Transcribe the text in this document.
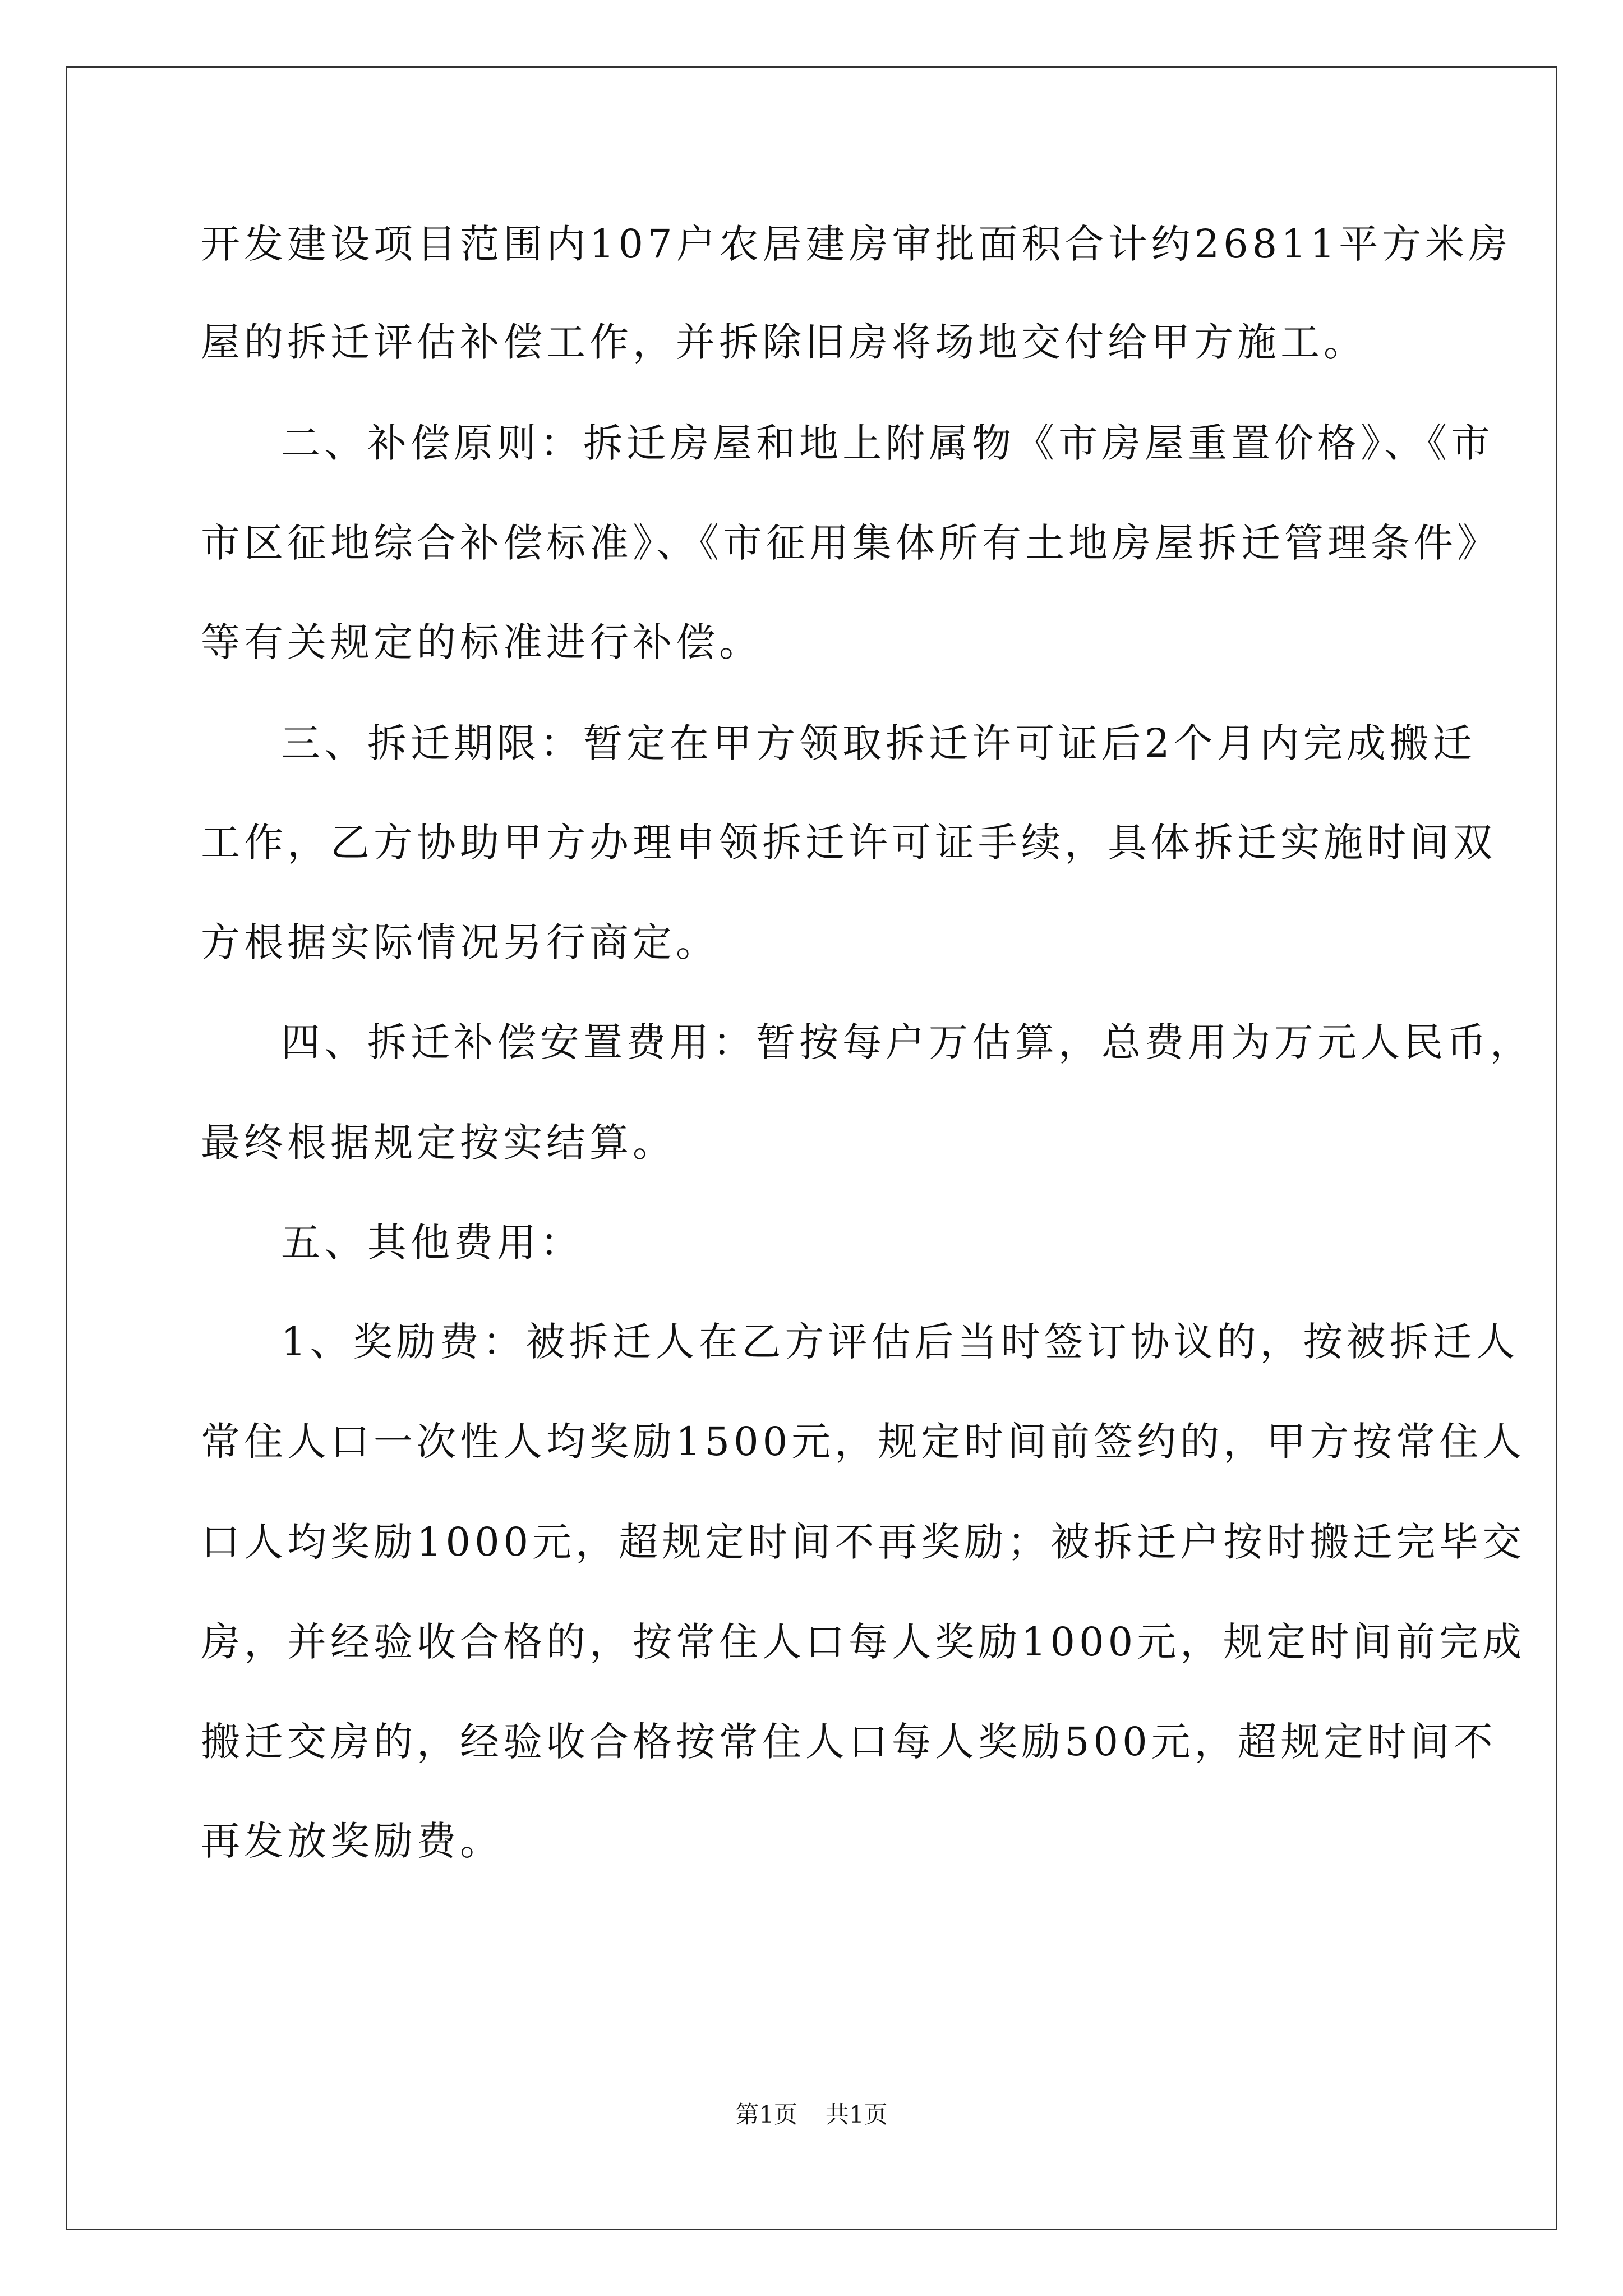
开发建设项目范围内107户农居建房审批面积合计约26811平方米房
屋的拆迁评估补偿工作，并拆除旧房将场地交付给甲方施工。
二、补偿原则：拆迁房屋和地上附属物《市房屋重置价格》、《市
市区征地综合补偿标准》、《市征用集体所有土地房屋拆迁管理条件》
等有关规定的标准进行补偿。
三、拆迁期限：暂定在甲方领取拆迁许可证后2个月内完成搬迁
工作，乙方协助甲方办理申领拆迁许可证手续，具体拆迁实施时间双
方根据实际情况另行商定。
四、拆迁补偿安置费用：暂按每户万估算，总费用为万元人民币，
最终根据规定按实结算。
五、其他费用：
1、奖励费：被拆迁人在乙方评估后当时签订协议的，按被拆迁人
常住人口一次性人均奖励1500元，规定时间前签约的，甲方按常住人
口人均奖励1000元，超规定时间不再奖励；被拆迁户按时搬迁完毕交
房，并经验收合格的，按常住人口每人奖励1000元，规定时间前完成
搬迁交房的，经验收合格按常住人口每人奖励500元，超规定时间不
再发放奖励费。
第1页 共1页
